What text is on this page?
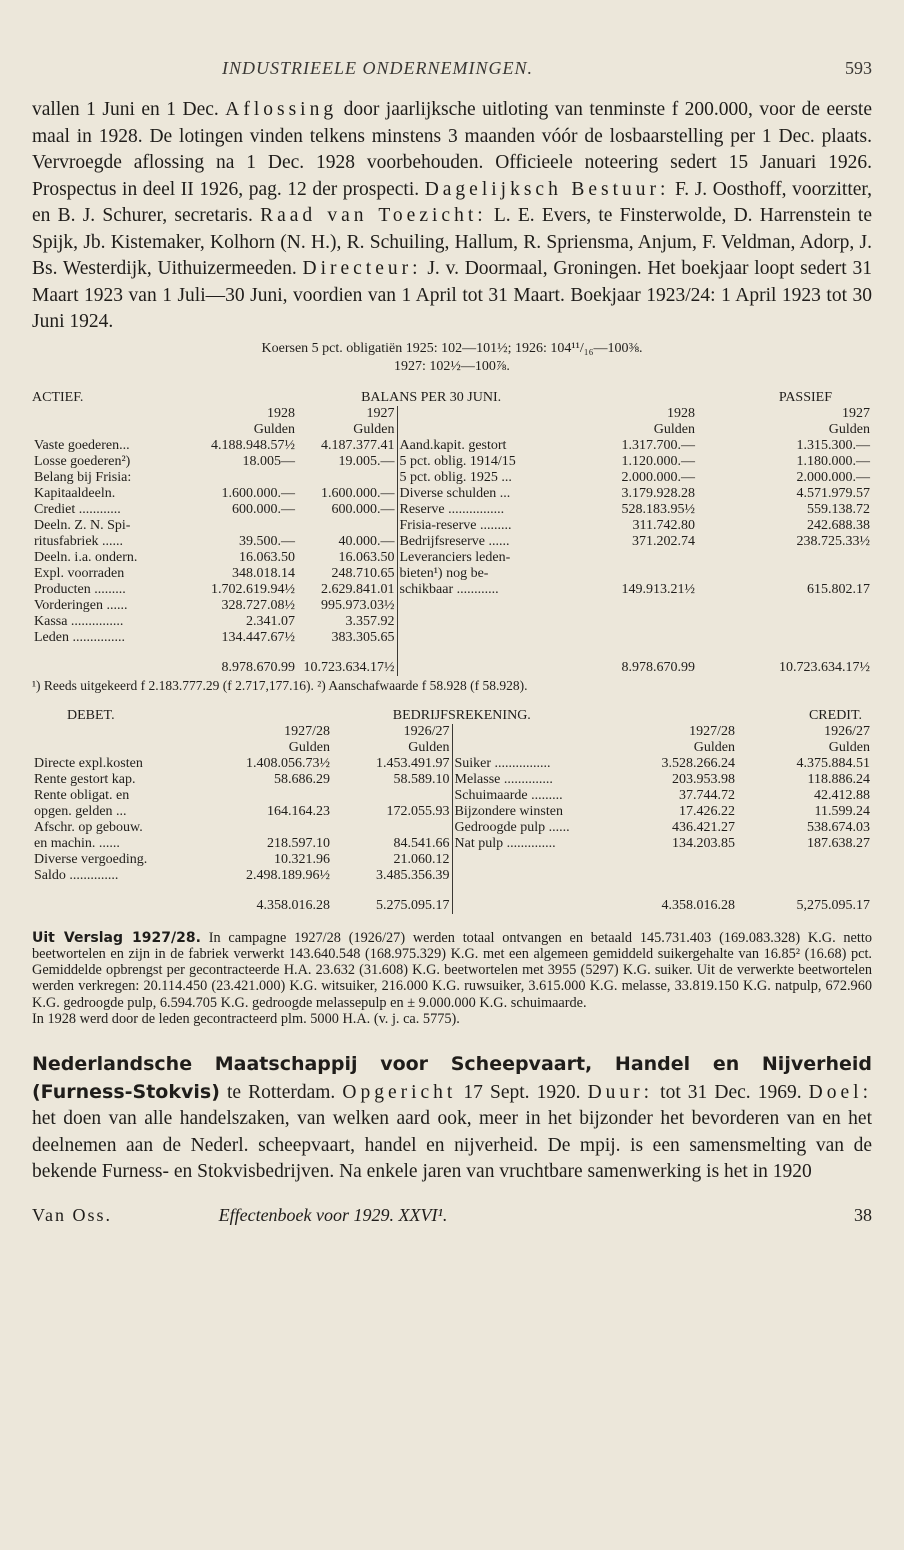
INDUSTRIEELE ONDERNEMINGEN.	593

vallen 1 Juni en 1 Dec. Aflossing door jaarlijksche uitloting van tenminste f 200.000, voor de eerste maal in 1928. De lotingen vinden telkens minstens 3 maanden vóór de losbaarstelling per 1 Dec. plaats. Vervroegde aflossing na 1 Dec. 1928 voorbehouden. Officieele noteering sedert 15 Januari 1926. Prospectus in deel II 1926, pag. 12 der prospecti. Dagelijksch Bestuur: F. J. Oosthoff, voorzitter, en B. J. Schurer, secretaris. Raad van Toezicht: L. E. Evers, te Finsterwolde, D. Harrenstein te Spijk, Jb. Kistemaker, Kolhorn (N. H.), R. Schuiling, Hallum, R. Spriensma, Anjum, F. Veldman, Adorp, J. Bs. Westerdijk, Uithuizermeeden. Directeur: J. v. Doormaal, Groningen. Het boekjaar loopt sedert 31 Maart 1923 van 1 Juli—30 Juni, voordien van 1 April tot 31 Maart. Boekjaar 1923/24: 1 April 1923 tot 30 Juni 1924.

Koersen 5 pct. obligatiën 1925: 102—101½; 1926: 104¹¹/₁₆—100⅜.
1927: 102½—100⅞.
ACTIEF.	BALANS PER 30 JUNI.	PASSIEF
	1928	1927		1928	1927
	Gulden	Gulden		Gulden	Gulden
Vaste goederen...	4.188.948.57½	4.187.377.41	Aand.kapit. gestort	1.317.700.—	1.315.300.—
Losse goederen²)	18.005—	19.005.—	5 pct. oblig. 1914/15	1.120.000.—	1.180.000.—
Belang bij Frisia:			5 pct. oblig. 1925 ...	2.000.000.—	2.000.000.—
Kapitaaldeeln.	1.600.000.—	1.600.000.—	Diverse schulden ...	3.179.928.28	4.571.979.57
Crediet ............	600.000.—	600.000.—	Reserve ................	528.183.95½	559.138.72
Deeln. Z. N. Spi-			Frisia-reserve .........	311.742.80	242.688.38
ritusfabriek ......	39.500.—	40.000.—	Bedrijfsreserve ......	371.202.74	238.725.33½
Deeln. i.a. ondern.	16.063.50	16.063.50	Leveranciers leden-		
Expl. voorraden	348.018.14	248.710.65	bieten¹) nog be-		
Producten .........	1.702.619.94½	2.629.841.01	schikbaar ............	149.913.21½	615.802.17
Vorderingen ......	328.727.08½	995.973.03½			
Kassa ...............	2.341.07	3.357.92			
Leden ...............	134.447.67½	383.305.65			
	8.978.670.99	10.723.634.17½		8.978.670.99	10.723.634.17½
¹) Reeds uitgekeerd f 2.183.777.29 (f 2.717,177.16). ²) Aanschafwaarde f 58.928 (f 58.928).
DEBET.	BEDRIJFSREKENING.	CREDIT.
	1927/28	1926/27		1927/28	1926/27
	Gulden	Gulden		Gulden	Gulden
Directe expl.kosten	1.408.056.73½	1.453.491.97	Suiker ................	3.528.266.24	4.375.884.51
Rente gestort kap.	58.686.29	58.589.10	Melasse ..............	203.953.98	118.886.24
Rente obligat. en			Schuimaarde .........	37.744.72	42.412.88
opgen. gelden ...	164.164.23	172.055.93	Bijzondere winsten	17.426.22	11.599.24
Afschr. op gebouw.			Gedroogde pulp ......	436.421.27	538.674.03
en machin. ......	218.597.10	84.541.66	Nat pulp ..............	134.203.85	187.638.27
Diverse vergoeding.	10.321.96	21.060.12			
Saldo ..............	2.498.189.96½	3.485.356.39			
	4.358.016.28	5.275.095.17		4.358.016.28	5,275.095.17

Uit Verslag 1927/28. In campagne 1927/28 (1926/27) werden totaal ontvangen en betaald 145.731.403 (169.083.328) K.G. netto beetwortelen en zijn in de fabriek verwerkt 143.640.548 (168.975.329) K.G. met een algemeen gemiddeld suikergehalte van 16.85² (16.68) pct. Gemiddelde opbrengst per gecontracteerde H.A. 23.632 (31.608) K.G. beetwortelen met 3955 (5297) K.G. suiker. Uit de verwerkte beetwortelen werden verkregen: 20.114.450 (23.421.000) K.G. witsuiker, 216.000 K.G. ruwsuiker, 3.615.000 K.G. melasse, 33.819.150 K.G. natpulp, 672.960 K.G. gedroogde pulp, 6.594.705 K.G. gedroogde melassepulp en ± 9.000.000 K.G. schuimaarde.
In 1928 werd door de leden gecontracteerd plm. 5000 H.A. (v. j. ca. 5775).

Nederlandsche Maatschappij voor Scheepvaart, Handel en Nijverheid (Furness-Stokvis) te Rotterdam. Opgericht 17 Sept. 1920. Duur: tot 31 Dec. 1969. Doel: het doen van alle handelszaken, van welken aard ook, meer in het bijzonder het bevorderen van en het deelnemen aan de Nederl. scheepvaart, handel en nijverheid. De mpij. is een samensmelting van de bekende Furness- en Stokvisbedrijven. Na enkele jaren van vruchtbare samenwerking is het in 1920

Van Oss.	Effectenboek voor 1929. XXVI¹.	38
